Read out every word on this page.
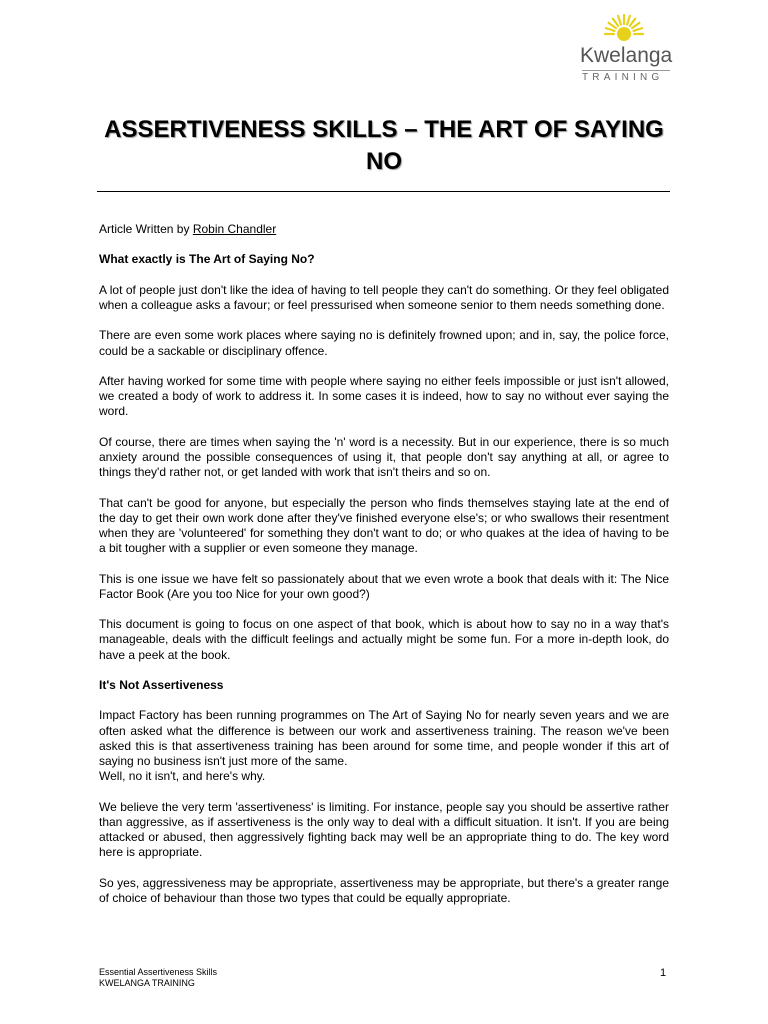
Kwelanga
TRAINING
ASSERTIVENESS SKILLS – THE ART OF SAYING NO
Article Written by Robin Chandler

What exactly is The Art of Saying No?

A lot of people just don't like the idea of having to tell people they can't do something. Or they feel obligated when a colleague asks a favour; or feel pressurised when someone senior to them needs something done.

There are even some work places where saying no is definitely frowned upon; and in, say, the police force, could be a sackable or disciplinary offence.

After having worked for some time with people where saying no either feels impossible or just isn't allowed, we created a body of work to address it. In some cases it is indeed, how to say no without ever saying the word.

Of course, there are times when saying the 'n' word is a necessity. But in our experience, there is so much anxiety around the possible consequences of using it, that people don't say anything at all, or agree to things they'd rather not, or get landed with work that isn't theirs and so on.

That can't be good for anyone, but especially the person who finds themselves staying late at the end of the day to get their own work done after they've finished everyone else's; or who swallows their resentment when they are 'volunteered' for something they don't want to do; or who quakes at the idea of having to be a bit tougher with a supplier or even someone they manage.

This is one issue we have felt so passionately about that we even wrote a book that deals with it: The Nice Factor Book (Are you too Nice for your own good?)

This document is going to focus on one aspect of that book, which is about how to say no in a way that's manageable, deals with the difficult feelings and actually might be some fun. For a more in-depth look, do have a peek at the book.

It's Not Assertiveness

Impact Factory has been running programmes on The Art of Saying No for nearly seven years and we are often asked what the difference is between our work and assertiveness training. The reason we've been asked this is that assertiveness training has been around for some time, and people wonder if this art of saying no business isn't just more of the same.
Well, no it isn't, and here's why.

We believe the very term 'assertiveness' is limiting. For instance, people say you should be assertive rather than aggressive, as if assertiveness is the only way to deal with a difficult situation. It isn't. If you are being attacked or abused, then aggressively fighting back may well be an appropriate thing to do. The key word here is appropriate.

So yes, aggressiveness may be appropriate, assertiveness may be appropriate, but there's a greater range of choice of behaviour than those two types that could be equally appropriate.

Essential Assertiveness Skills
KWELANGA TRAINING
1
